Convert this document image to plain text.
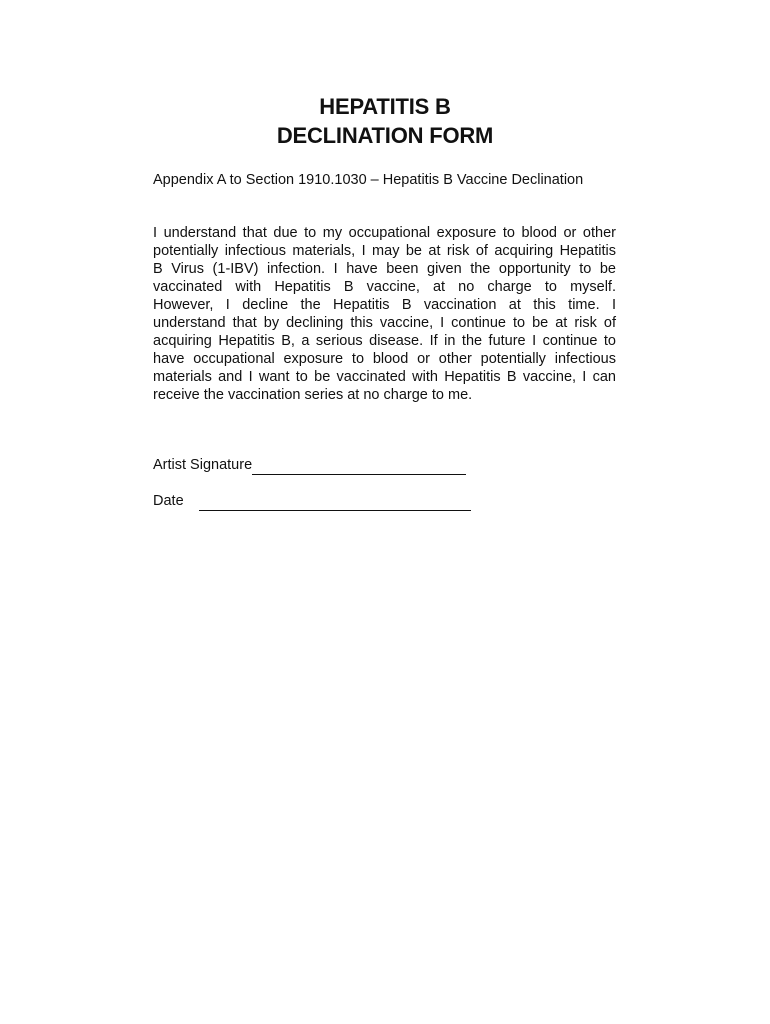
HEPATITIS B
DECLINATION FORM
Appendix A to Section 1910.1030 – Hepatitis B Vaccine Declination
I understand that due to my occupational exposure to blood or other
potentially infectious materials, I may be at risk of acquiring Hepatitis
B Virus (1-IBV) infection. I have been given the opportunity to be
vaccinated with Hepatitis B vaccine, at no charge to myself.
However, I decline the Hepatitis B vaccination at this time. I
understand that by declining this vaccine, I continue to be at risk of
acquiring Hepatitis B, a serious disease. If in the future I continue to
have occupational exposure to blood or other potentially infectious
materials and I want to be vaccinated with Hepatitis B vaccine, I can
receive the vaccination series at no charge to me.
Artist Signature
Date
